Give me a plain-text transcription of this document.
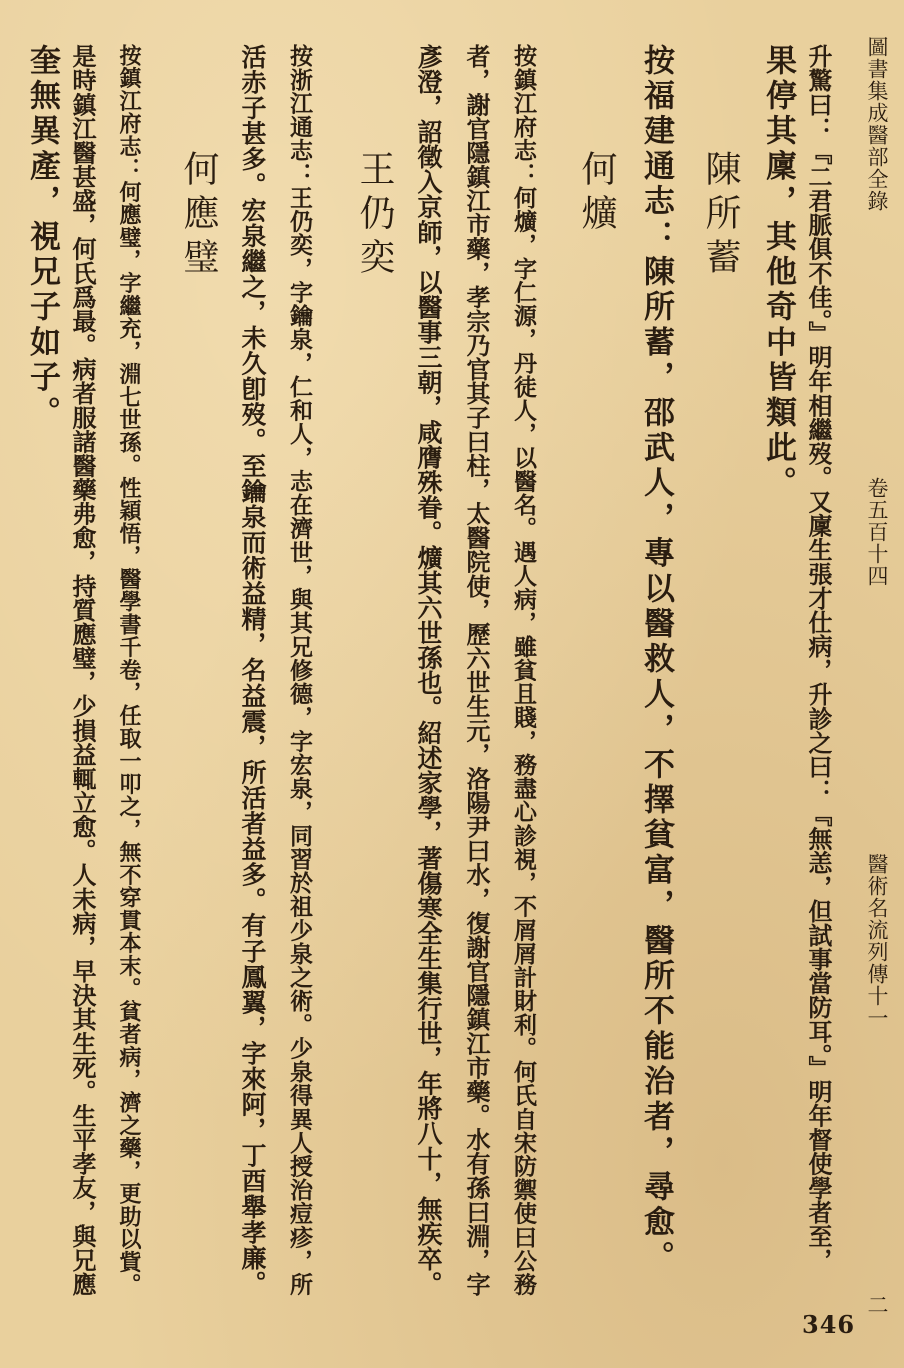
圖書集成醫部全錄
卷五百十四
醫術名流列傳十一
二
升驚曰：『二君脈俱不佳。』明年相繼歿。又廩生張才仕病，升診之曰：『無恙，但試事當防耳。』明年督使學者至，
果停其廩，其他奇中皆類此。
陳所蓄
按福建通志：陳所蓄，邵武人，專以醫救人，不擇貧富，醫所不能治者，尋愈。
何爌
按鎮江府志：何爌，字仁源，丹徒人，以醫名。遇人病，雖貧且賤，務盡心診視，不屑屑計財利。何氏自宋防禦使曰公務
者，謝官隱鎮江市藥，孝宗乃官其子曰柱，太醫院使，歷六世生元，洛陽尹曰水，復謝官隱鎮江市藥。水有孫曰淵，字
彥澄，詔徵入京師，以醫事三朝，咸膺殊眷。爌其六世孫也。紹述家學，著傷寒全生集行世，年將八十，無疾卒。
王仍奕
按浙江通志：王仍奕，字鑰泉，仁和人，志在濟世，與其兄修德，字宏泉，同習於祖少泉之術。少泉得異人授治痘疹，所
活赤子甚多。宏泉繼之，未久卽歿。至鑰泉而術益精，名益震，所活者益多。有子鳳翼，字來阿，丁酉舉孝廉。
何應璧
按鎮江府志：何應璧，字繼充，淵七世孫。性穎悟，醫學書千卷，任取一叩之，無不穿貫本末。貧者病，濟之藥，更助以貲。
是時鎮江醫甚盛，何氏爲最。病者服諸醫藥弗愈，持質應璧，少損益輒立愈。人未病，早決其生死。生平孝友，與兄應
奎無異產，視兄子如子。
346
